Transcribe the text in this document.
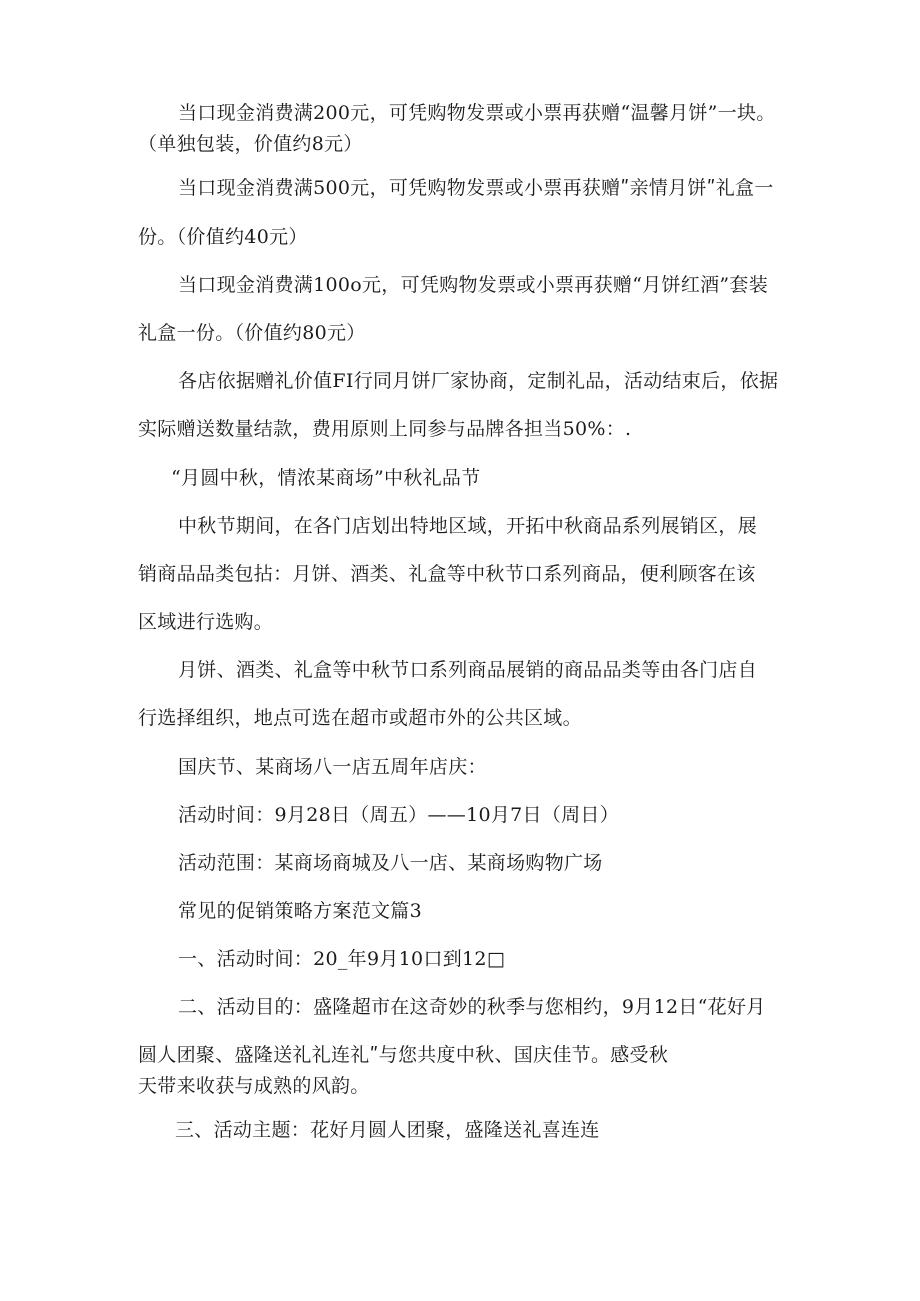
当口现金消费满200元，可凭购物发票或小票再获赠“温馨月饼”一块。
（单独包装，价值约8元）
当口现金消费满500元，可凭购物发票或小票再获赠ʺ亲情月饼ʺ礼盒一
份。（价值约40元）
当口现金消费满100o元，可凭购物发票或小票再获赠“月饼红酒”套装
礼盒一份。（价值约80元）
各店依据赠礼价值FI行同月饼厂家协商，定制礼品，活动结束后，依据
实际赠送数量结款，费用原则上同参与品牌各担当50%：.
“月圆中秋，情浓某商场”中秋礼品节
中秋节期间，在各门店划出特地区域，开拓中秋商品系列展销区，展
销商品品类包拈：月饼、酒类、礼盒等中秋节口系列商品，便利顾客在该
区域进行选购。
月饼、酒类、礼盒等中秋节口系列商品展销的商品品类等由各门店自
行选择组织，地点可选在超市或超市外的公共区域。
国庆节、某商场八一店五周年店庆：
活动时间：9月28日（周五）——10月7日（周日）
活动范围：某商场商城及八一店、某商场购物广场
常见的促销策略方案范文篇3
一、活动时间：20_年9月10口到12□
二、活动目的：盛隆超市在这奇妙的秋季与您相约，9月12日“花好月
圆人团聚、盛隆送礼礼连礼ʺ与您共度中秋、国庆佳节。感受秋
天带来收获与成熟的风韵。
三、活动主题：花好月圆人团聚，盛隆送礼喜连连
